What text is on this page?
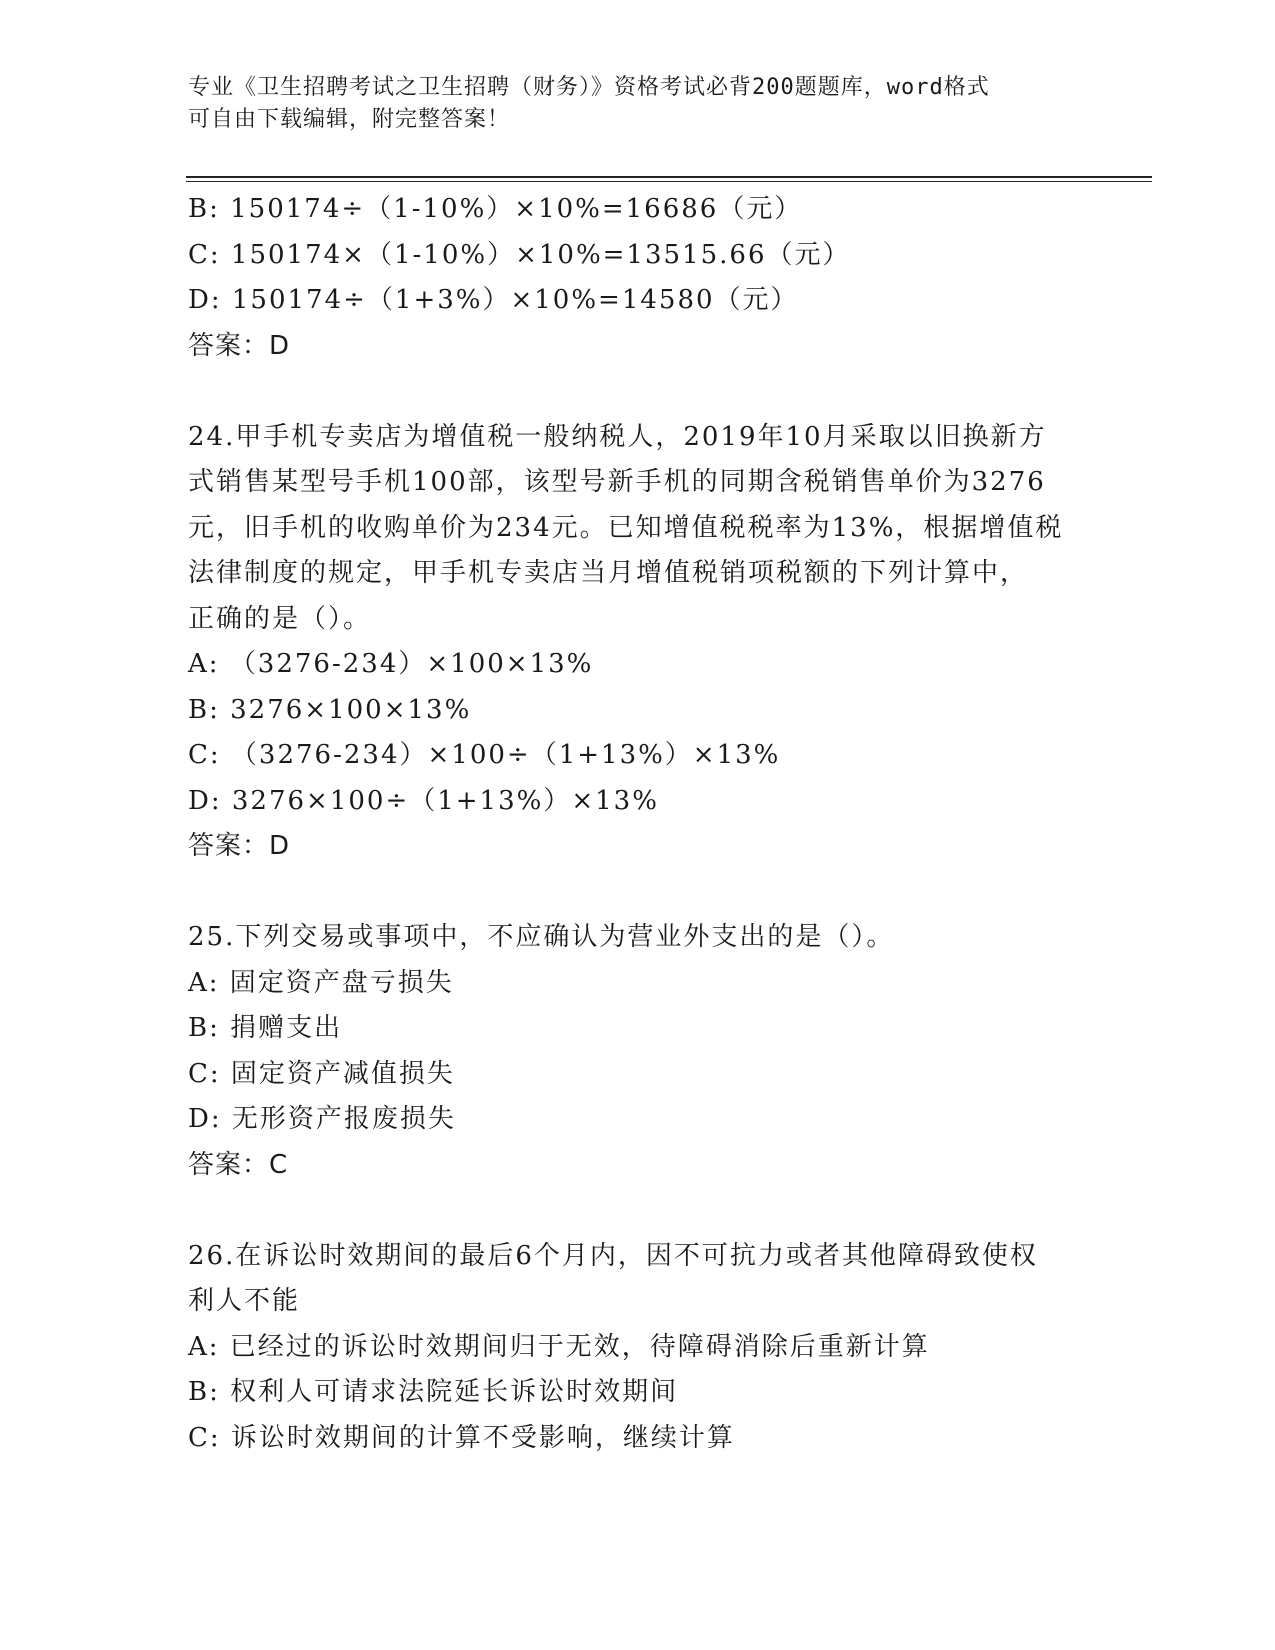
专业《卫生招聘考试之卫生招聘（财务）》资格考试必背200题题库，word格式
可自由下载编辑，附完整答案！
B: 150174÷（1-10%）×10%=16686（元）
C: 150174×（1-10%）×10%=13515.66（元）
D: 150174÷（1+3%）×10%=14580（元）
答案：D
24.甲手机专卖店为增值税一般纳税人，2019年10月采取以旧换新方
式销售某型号手机100部，该型号新手机的同期含税销售单价为3276
元，旧手机的收购单价为234元。已知增值税税率为13%，根据增值税
法律制度的规定，甲手机专卖店当月增值税销项税额的下列计算中，
正确的是（）。
A: （3276-234）×100×13%
B: 3276×100×13%
C: （3276-234）×100÷（1+13%）×13%
D: 3276×100÷（1+13%）×13%
答案：D
25.下列交易或事项中，不应确认为营业外支出的是（）。
A: 固定资产盘亏损失
B: 捐赠支出
C: 固定资产减值损失
D: 无形资产报废损失
答案：C
26.在诉讼时效期间的最后6个月内，因不可抗力或者其他障碍致使权
利人不能
A: 已经过的诉讼时效期间归于无效，待障碍消除后重新计算
B: 权利人可请求法院延长诉讼时效期间
C: 诉讼时效期间的计算不受影响，继续计算
